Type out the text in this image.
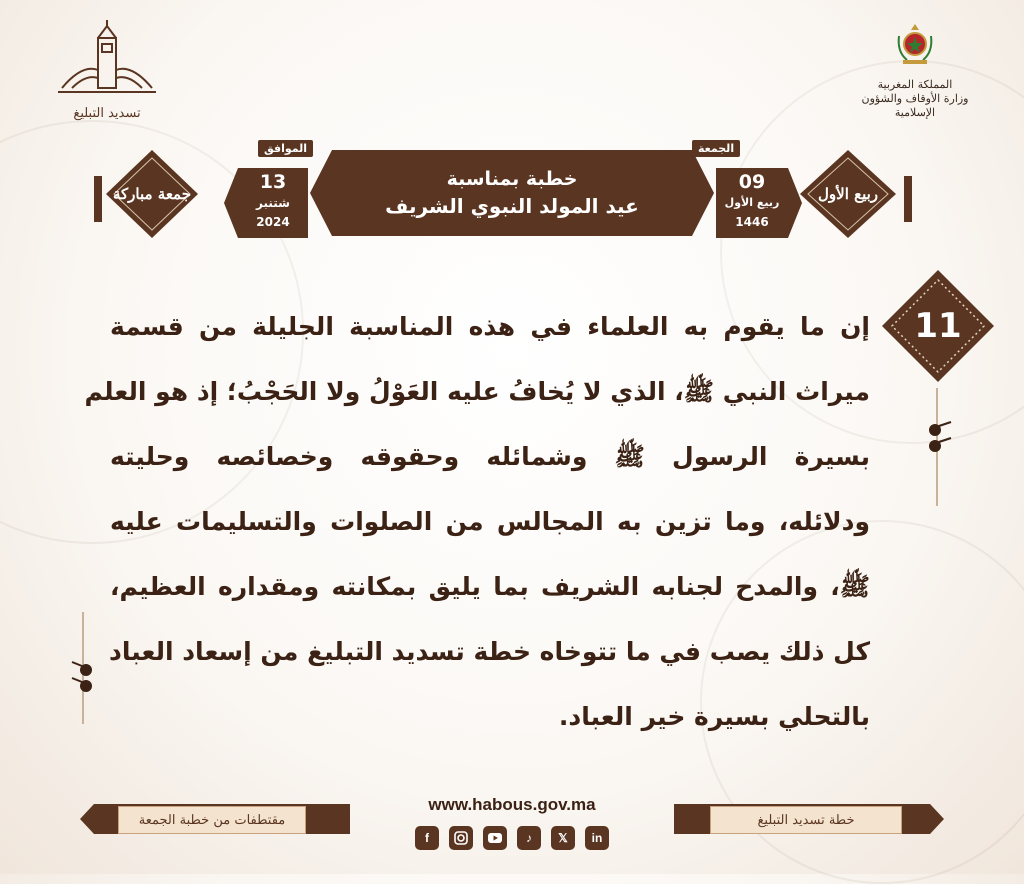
تسديد التبليغ
المملكة المغربية
وزارة الأوقاف والشؤون الإسلامية
جمعة مباركة	ربيع الأول
13
شتنبر
2024
الموافق
خطبة بمناسبة
عيد المولد النبوي الشريف
09
ربيع الأول
1446
الجمعة
11
إن ما يقوم به العلماء في هذه المناسبة الجليلة من قسمة
ميراث النبي ﷺ، الذي لا يُخافُ عليه العَوْلُ ولا الحَجْبُ؛ إذ هو العلم
بسيرة الرسول ﷺ وشمائله وحقوقه وخصائصه وحليته
ودلائله، وما تزين به المجالس من الصلوات والتسليمات عليه
ﷺ، والمدح لجنابه الشريف بما يليق بمكانته ومقداره العظيم،
كل ذلك يصب في ما تتوخاه خطة تسديد التبليغ من إسعاد العباد
بالتحلي بسيرة خير العباد.
مقتطفات من خطبة الجمعة	خطة تسديد التبليغ
www.habous.gov.ma
f	♪	𝕏	in
